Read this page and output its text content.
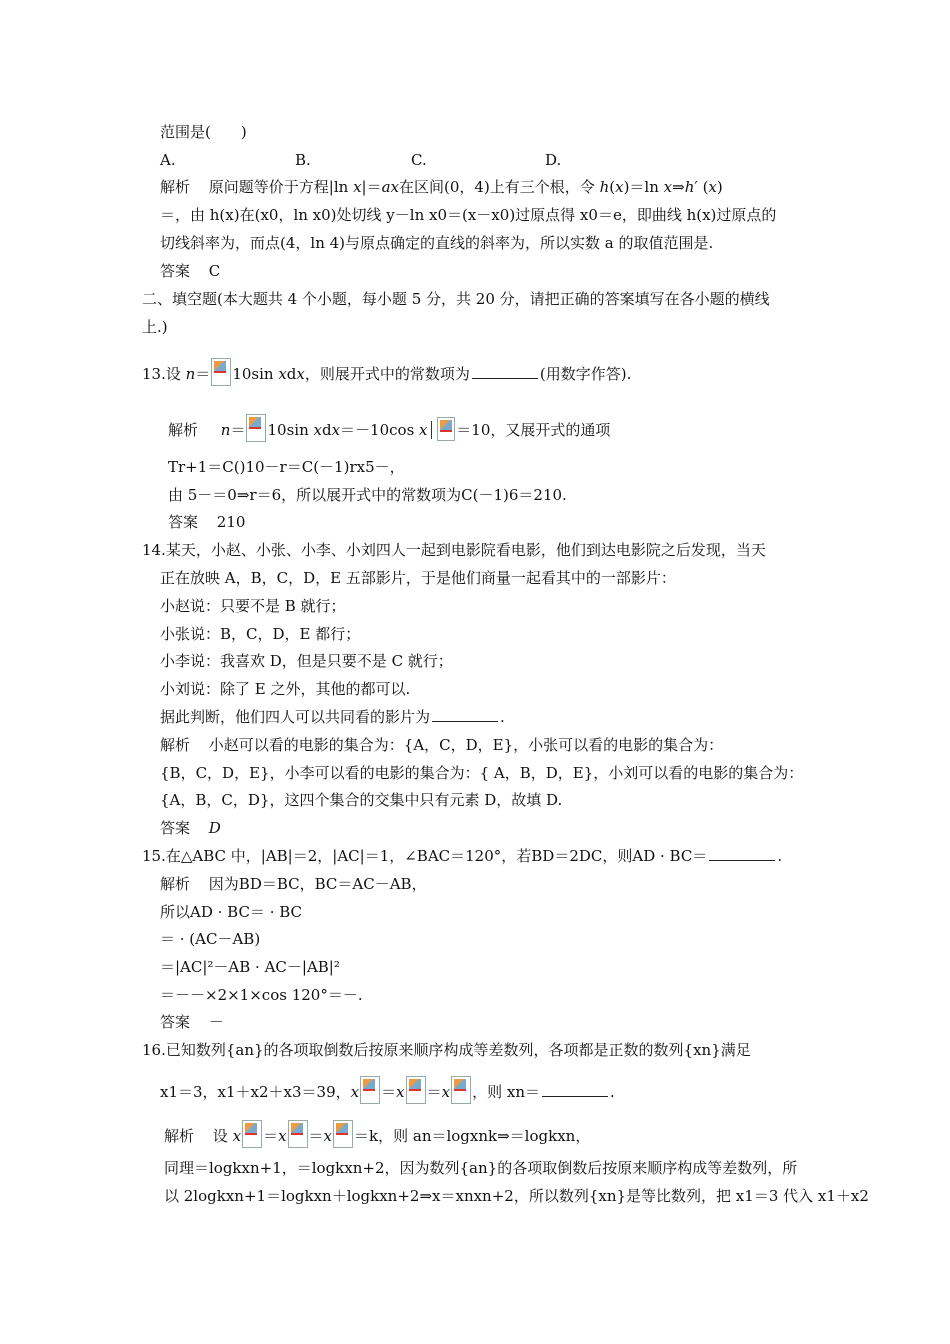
范围是(　　)
A.	B.	C.	D.
解析 原问题等价于方程|ln x|＝ax在区间(0，4)上有三个根，令 h(x)＝ln x⇒h′ (x)
＝，由 h(x)在(x0，ln x0)处切线 y－ln x0＝(x－x0)过原点得 x0＝e，即曲线 h(x)过原点的
切线斜率为，而点(4，ln 4)与原点确定的直线的斜率为，所以实数 a 的取值范围是.
答案 C
二、填空题(本大题共 4 个小题，每小题 5 分，共 20 分，请把正确的答案填写在各小题的横线
上.)
13.设 n＝ 10sin xdx，则展开式中的常数项为	(用数字作答).
解析 n＝ 10sin xdx＝－10cos x ＝10，又展开式的通项
Tr+1＝C()10－r＝C(－1)rx5－，
由 5－＝0⇒r＝6，所以展开式中的常数项为C(－1)6＝210.
答案 210
14.某天，小赵、小张、小李、小刘四人一起到电影院看电影，他们到达电影院之后发现，当天
正在放映 A，B，C，D，E 五部影片，于是他们商量一起看其中的一部影片：
小赵说：只要不是 B 就行；
小张说：B，C，D，E 都行；
小李说：我喜欢 D，但是只要不是 C 就行；
小刘说：除了 E 之外，其他的都可以.
据此判断，他们四人可以共同看的影片为	.
解析 小赵可以看的电影的集合为：{A，C，D，E}，小张可以看的电影的集合为：
{B，C，D，E}，小李可以看的电影的集合为：{ A，B，D，E}，小刘可以看的电影的集合为：
{A，B，C，D}，这四个集合的交集中只有元素 D，故填 D.
答案 D
15.在△ABC 中，|AB|＝2，|AC|＝1，∠BAC＝120°，若BD＝2DC，则AD · BC＝	.
解析 因为BD＝BC，BC＝AC－AB，
所以AD · BC＝ · BC
＝ · (AC－AB)
＝|AC|²－AB · AC－|AB|²
＝－－×2×1×cos 120°＝－.
答案 －
16.已知数列{an}的各项取倒数后按原来顺序构成等差数列，各项都是正数的数列{xn}满足
x1＝3，x1＋x2＋x3＝39，x ＝x ＝x ，则 xn＝	.
解析 设 x ＝x ＝x ＝k，则 an＝logxnk⇒＝logkxn，
同理＝logkxn+1，＝logkxn+2，因为数列{an}的各项取倒数后按原来顺序构成等差数列，所
以 2logkxn+1＝logkxn＋logkxn+2⇒x＝xnxn+2，所以数列{xn}是等比数列，把 x1＝3 代入 x1＋x2
